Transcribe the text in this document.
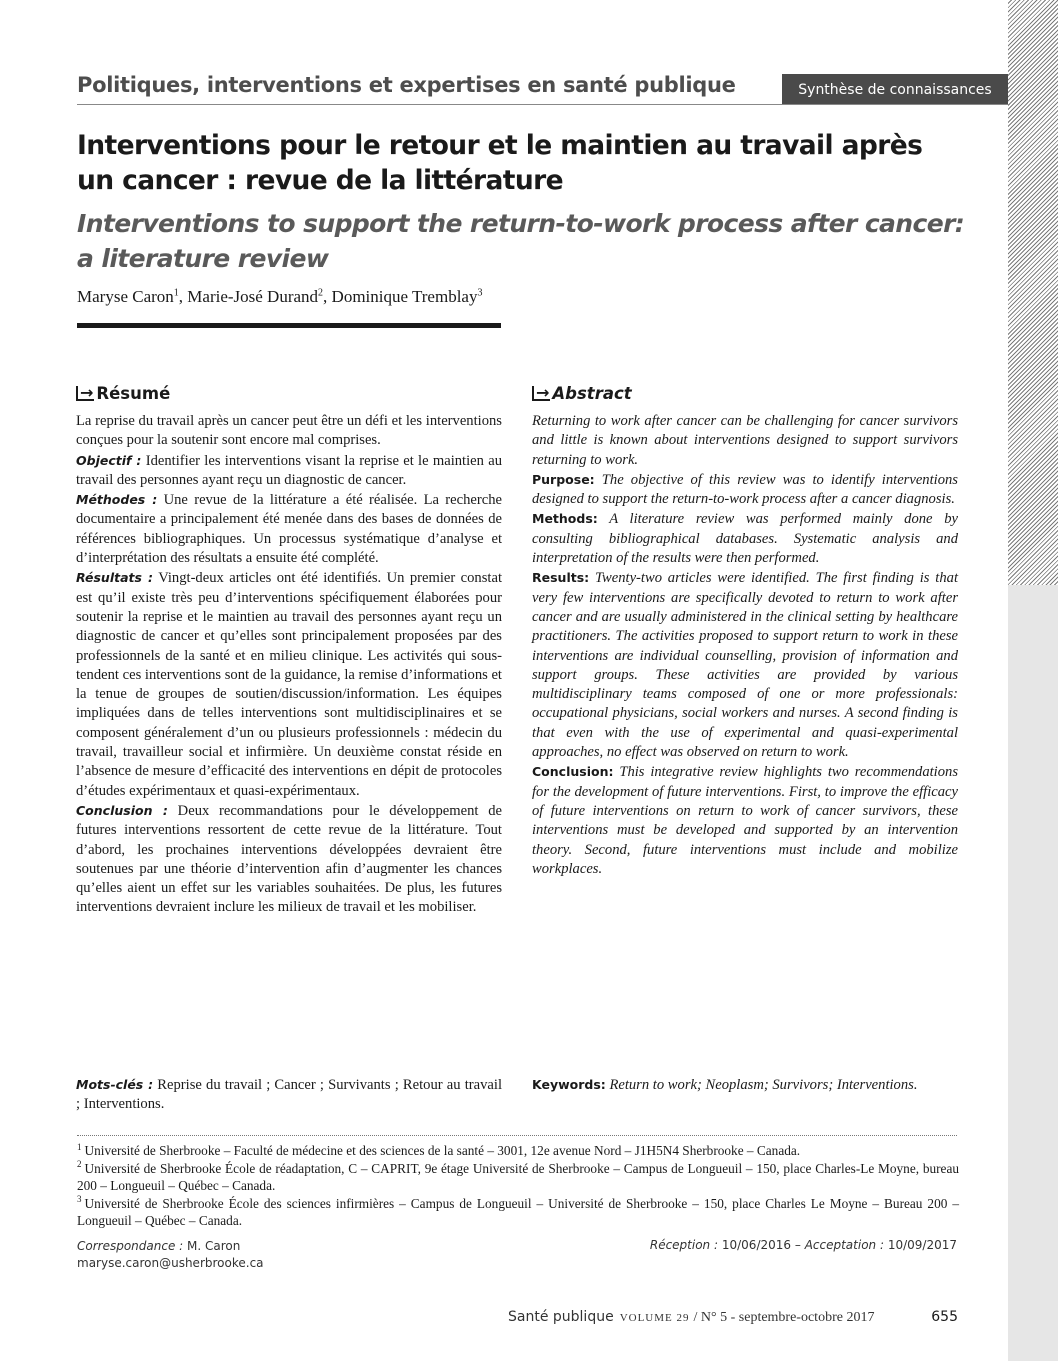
Politiques, interventions et expertises en santé publique	Synthèse de connaissances
Interventions pour le retour et le maintien au travail après un cancer : revue de la littérature
Interventions to support the return-to-work process after cancer: a literature review
Maryse Caron$^1$, Marie-José Durand$^2$, Dominique Tremblay$^3$
→ Résumé

La reprise du travail après un cancer peut être un défi et les interventions conçues pour la soutenir sont encore mal comprises.

Objectif : Identifier les interventions visant la reprise et le maintien au travail des personnes ayant reçu un diagnostic de cancer.

Méthodes : Une revue de la littérature a été réalisée. La recherche documentaire a principalement été menée dans des bases de données de références bibliographiques. Un processus systématique d’analyse et d’interprétation des résultats a ensuite été complété.

Résultats : Vingt-deux articles ont été identifiés. Un premier constat est qu’il existe très peu d’interventions spécifiquement élaborées pour soutenir la reprise et le maintien au travail des personnes ayant reçu un diagnostic de cancer et qu’elles sont principalement proposées par des professionnels de la santé et en milieu clinique. Les activités qui sous-tendent ces interventions sont de la guidance, la remise d’informations et la tenue de groupes de soutien/discussion/information. Les équipes impliquées dans de telles interventions sont multidisciplinaires et se composent généralement d’un ou plusieurs professionnels : médecin du travail, travailleur social et infirmière. Un deuxième constat réside en l’absence de mesure d’efficacité des interventions en dépit de protocoles d’études expérimentaux et quasi-expérimentaux.

Conclusion : Deux recommandations pour le développement de futures interventions ressortent de cette revue de la littérature. Tout d’abord, les prochaines interventions développées devraient être soutenues par une théorie d’intervention afin d’augmenter les chances qu’elles aient un effet sur les variables souhaitées. De plus, les futures interventions devraient inclure les milieux de travail et les mobiliser.

→ Abstract

Returning to work after cancer can be challenging for cancer survivors and little is known about interventions designed to support survivors returning to work.

Purpose: The objective of this review was to identify interventions designed to support the return-to-work process after a cancer diagnosis.

Methods: A literature review was performed mainly done by consulting bibliographical databases. Systematic analysis and interpretation of the results were then performed.

Results: Twenty-two articles were identified. The first finding is that very few interventions are specifically devoted to return to work after cancer and are usually administered in the clinical setting by healthcare practitioners. The activities proposed to support return to work in these interventions are individual counselling, provision of information and support groups. These activities are provided by various multidisciplinary teams composed of one or more professionals: occupational physicians, social workers and nurses. A second finding is that even with the use of experimental and quasi-experimental approaches, no effect was observed on return to work.

Conclusion: This integrative review highlights two recommendations for the development of future interventions. First, to improve the efficacy of future interventions on return to work of cancer survivors, these interventions must be developed and supported by an intervention theory. Second, future interventions must include and mobilize workplaces.

Mots-clés : Reprise du travail ; Cancer ; Survivants ; Retour au travail ; Interventions.

Keywords: Return to work; Neoplasm; Survivors; Interventions.

$^1$ Université de Sherbrooke – Faculté de médecine et des sciences de la santé – 3001, 12e avenue Nord – J1H5N4 Sherbrooke – Canada.
$^2$ Université de Sherbrooke École de réadaptation, C – CAPRIT, 9e étage Université de Sherbrooke – Campus de Longueuil – 150, place Charles-Le Moyne, bureau 200 – Longueuil – Québec – Canada.
$^3$ Université de Sherbrooke École des sciences infirmières – Campus de Longueuil – Université de Sherbrooke – 150, place Charles Le Moyne – Bureau 200 – Longueuil – Québec – Canada.
Correspondance : M. Caron
maryse.caron@usherbrooke.ca
Réception : 10/06/2016 – Acceptation : 10/09/2017
Santé publique VOLUME 29 / N° 5 - septembre-octobre 2017	655
